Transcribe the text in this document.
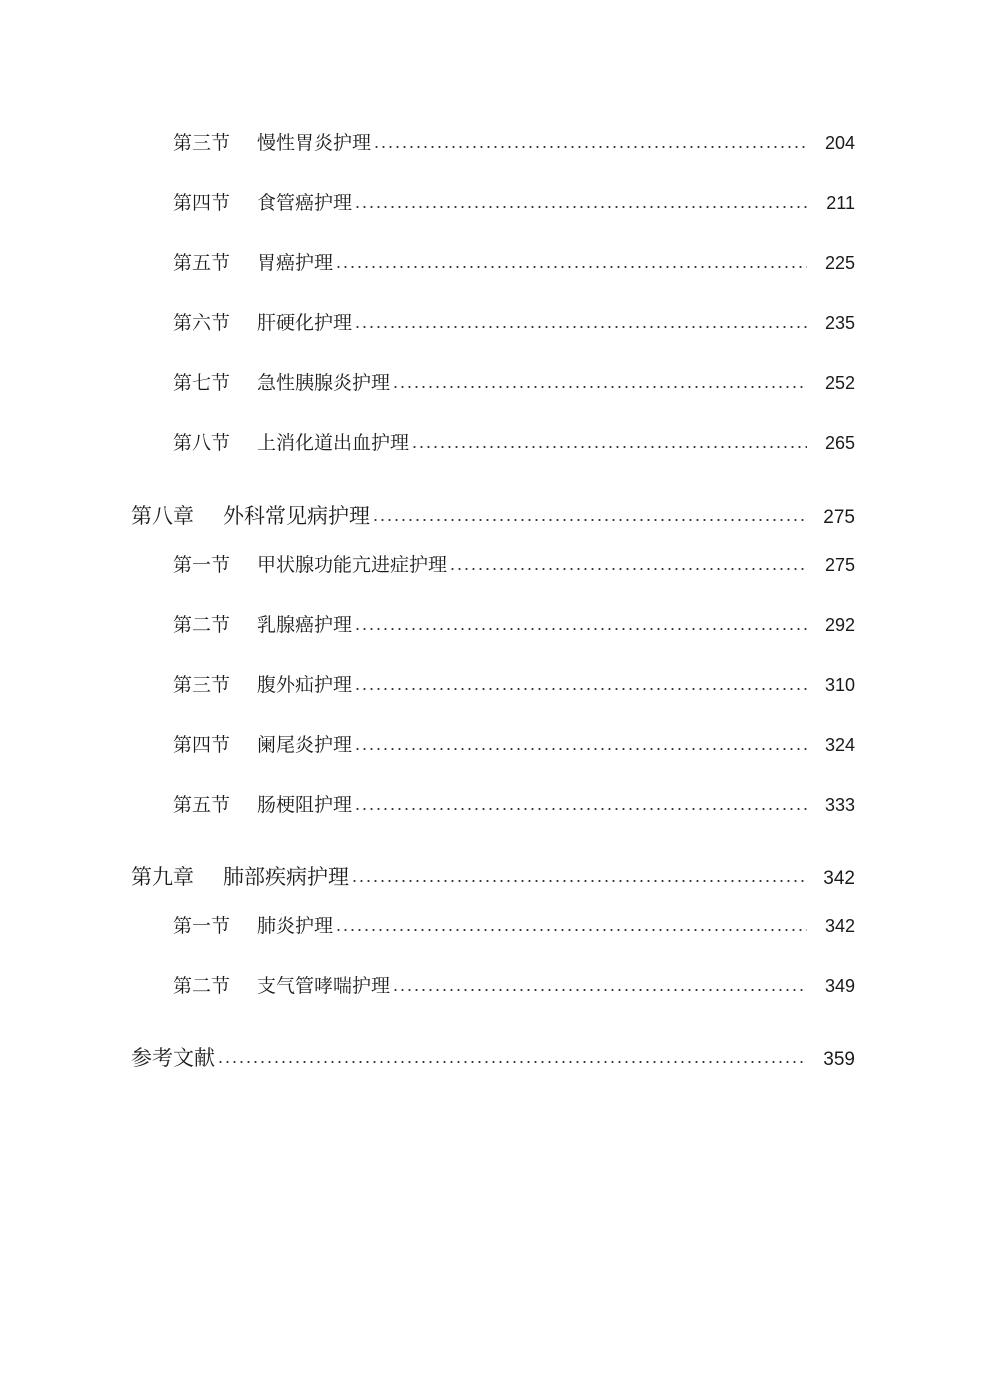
第三节	慢性胃炎护理	204
第四节	食管癌护理	211
第五节	胃癌护理	225
第六节	肝硬化护理	235
第七节	急性胰腺炎护理	252
第八节	上消化道出血护理	265
第八章	外科常见病护理	275
第一节	甲状腺功能亢进症护理	275
第二节	乳腺癌护理	292
第三节	腹外疝护理	310
第四节	阑尾炎护理	324
第五节	肠梗阻护理	333
第九章	肺部疾病护理	342
第一节	肺炎护理	342
第二节	支气管哮喘护理	349
参考文献	359
